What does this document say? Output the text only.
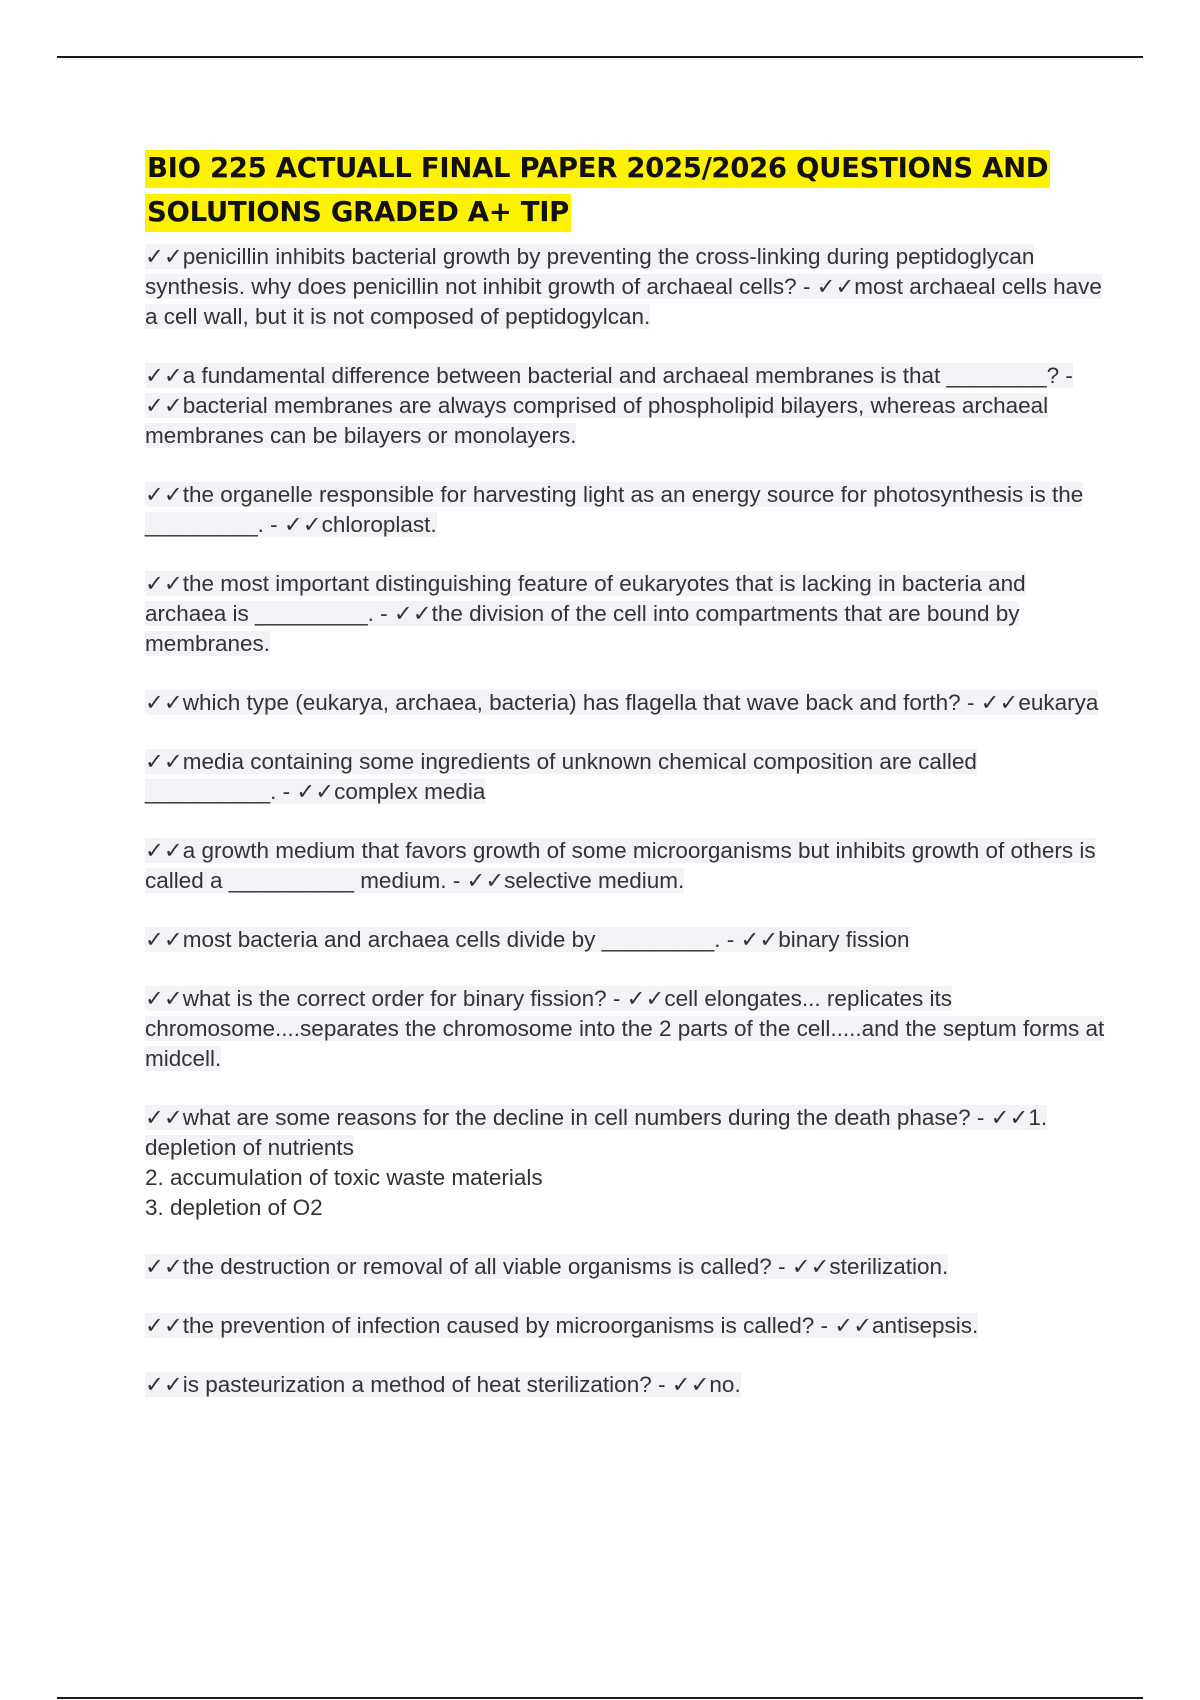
BIO 225 ACTUALL FINAL PAPER 2025/2026 QUESTIONS AND SOLUTIONS GRADED A+ TIP

✓✓penicillin inhibits bacterial growth by preventing the cross-linking during peptidoglycan synthesis. why does penicillin not inhibit growth of archaeal cells? - ✓✓most archaeal cells have a cell wall, but it is not composed of peptidogylcan.

✓✓a fundamental difference between bacterial and archaeal membranes is that ________? - ✓✓bacterial membranes are always comprised of phospholipid bilayers, whereas archaeal membranes can be bilayers or monolayers.

✓✓the organelle responsible for harvesting light as an energy source for photosynthesis is the _________. - ✓✓chloroplast.

✓✓the most important distinguishing feature of eukaryotes that is lacking in bacteria and archaea is _________. - ✓✓the division of the cell into compartments that are bound by membranes.

✓✓which type (eukarya, archaea, bacteria) has flagella that wave back and forth? - ✓✓eukarya

✓✓media containing some ingredients of unknown chemical composition are called __________. - ✓✓complex media

✓✓a growth medium that favors growth of some microorganisms but inhibits growth of others is called a __________ medium. - ✓✓selective medium.

✓✓most bacteria and archaea cells divide by _________. - ✓✓binary fission

✓✓what is the correct order for binary fission? - ✓✓cell elongates... replicates its chromosome....separates the chromosome into the 2 parts of the cell.....and the septum forms at midcell.

✓✓what are some reasons for the decline in cell numbers during the death phase? - ✓✓1. depletion of nutrients
2. accumulation of toxic waste materials
3. depletion of O2

✓✓the destruction or removal of all viable organisms is called? - ✓✓sterilization.

✓✓the prevention of infection caused by microorganisms is called? - ✓✓antisepsis.

✓✓is pasteurization a method of heat sterilization? - ✓✓no.
